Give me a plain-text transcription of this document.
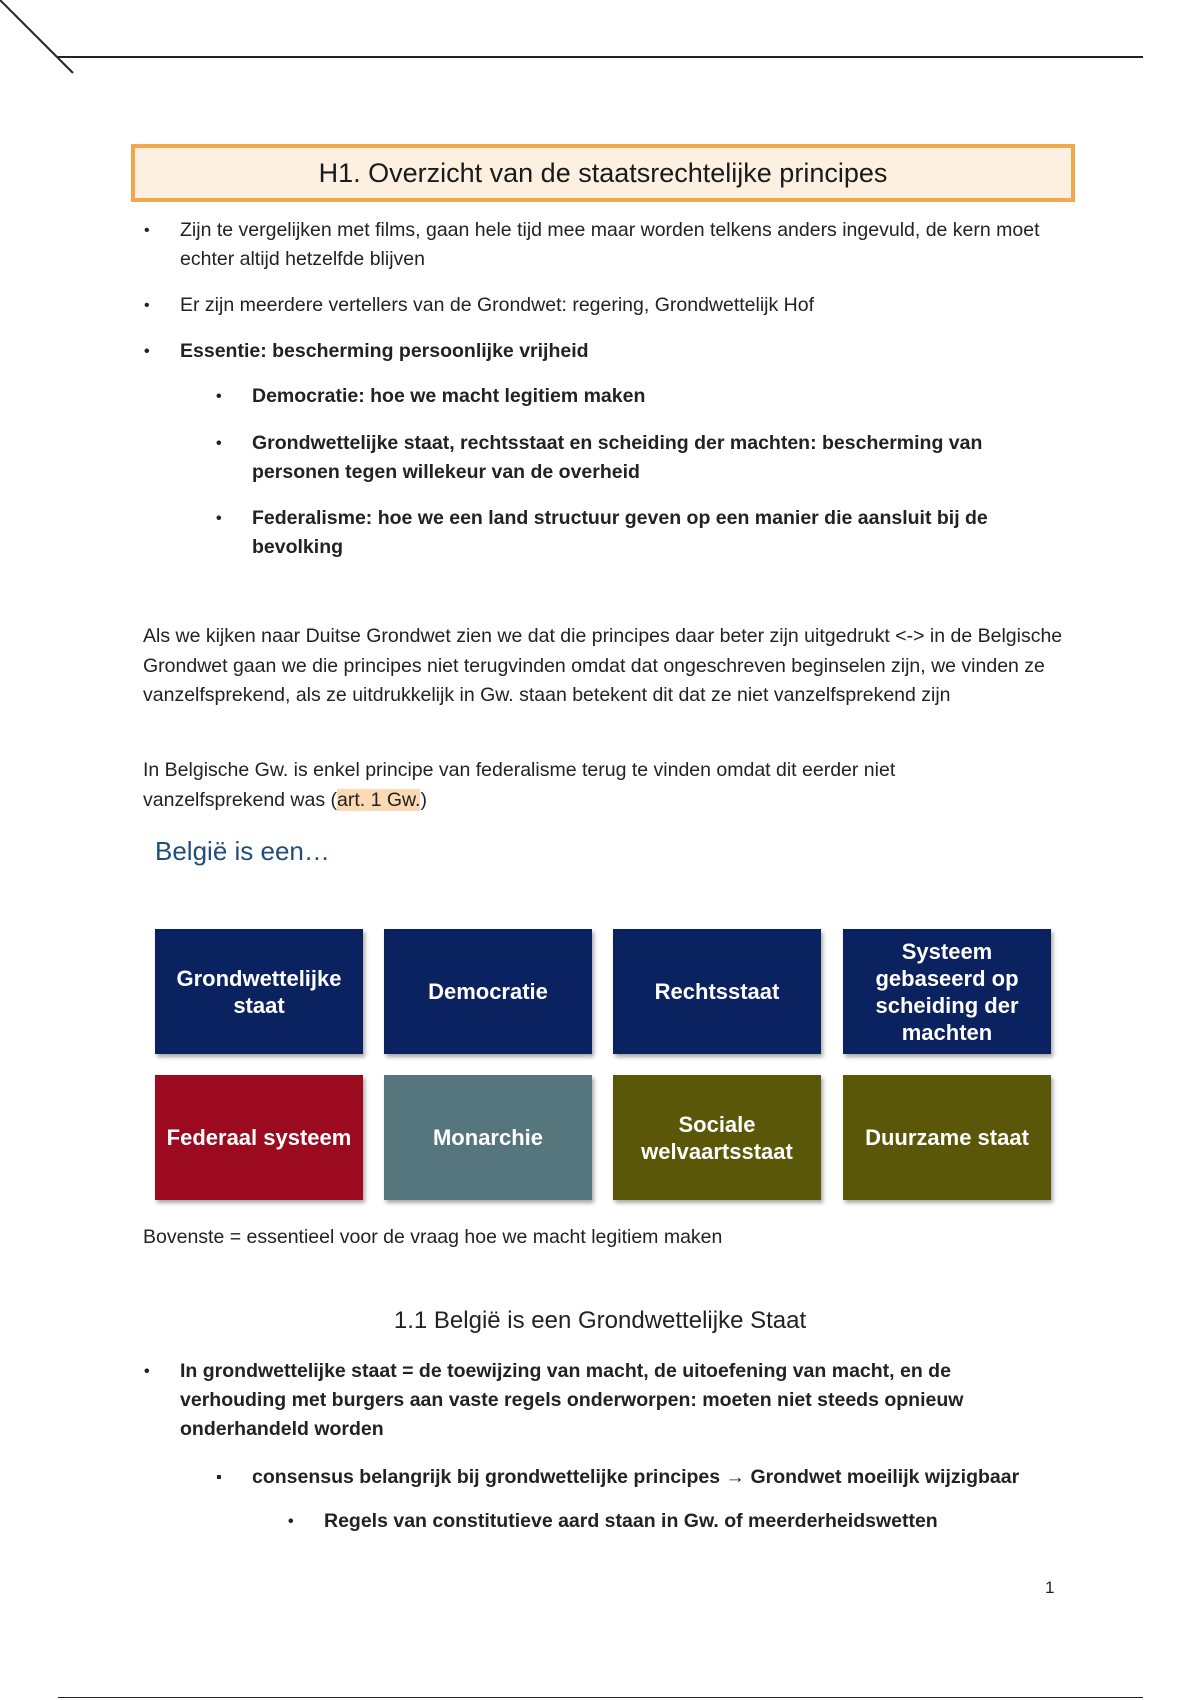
H1. Overzicht van de staatsrechtelijke principes
• Zijn te vergelijken met films, gaan hele tijd mee maar worden telkens anders ingevuld, de kern moet echter altijd hetzelfde blijven
• Er zijn meerdere vertellers van de Grondwet: regering, Grondwettelijk Hof
• Essentie: bescherming persoonlijke vrijheid
• Democratie: hoe we macht legitiem maken
• Grondwettelijke staat, rechtsstaat en scheiding der machten: bescherming van personen tegen willekeur van de overheid
• Federalisme: hoe we een land structuur geven op een manier die aansluit bij de bevolking
Als we kijken naar Duitse Grondwet zien we dat die principes daar beter zijn uitgedrukt <-> in de Belgische Grondwet gaan we die principes niet terugvinden omdat dat ongeschreven beginselen zijn, we vinden ze vanzelfsprekend, als ze uitdrukkelijk in Gw. staan betekent dit dat ze niet vanzelfsprekend zijn
In Belgische Gw. is enkel principe van federalisme terug te vinden omdat dit eerder niet vanzelfsprekend was (art. 1 Gw.)
België is een…
Grondwettelijke staat
Democratie	Rechtsstaat
Systeem gebaseerd op scheiding der machten
Federaal systeem	Monarchie
Sociale welvaartsstaat
Duurzame staat
Bovenste = essentieel voor de vraag hoe we macht legitiem maken
1.1 België is een Grondwettelijke Staat
• In grondwettelijke staat = de toewijzing van macht, de uitoefening van macht, en de verhouding met burgers aan vaste regels onderworpen: moeten niet steeds opnieuw onderhandeld worden
▪ consensus belangrijk bij grondwettelijke principes → Grondwet moeilijk wijzigbaar
• Regels van constitutieve aard staan in Gw. of meerderheidswetten
1
